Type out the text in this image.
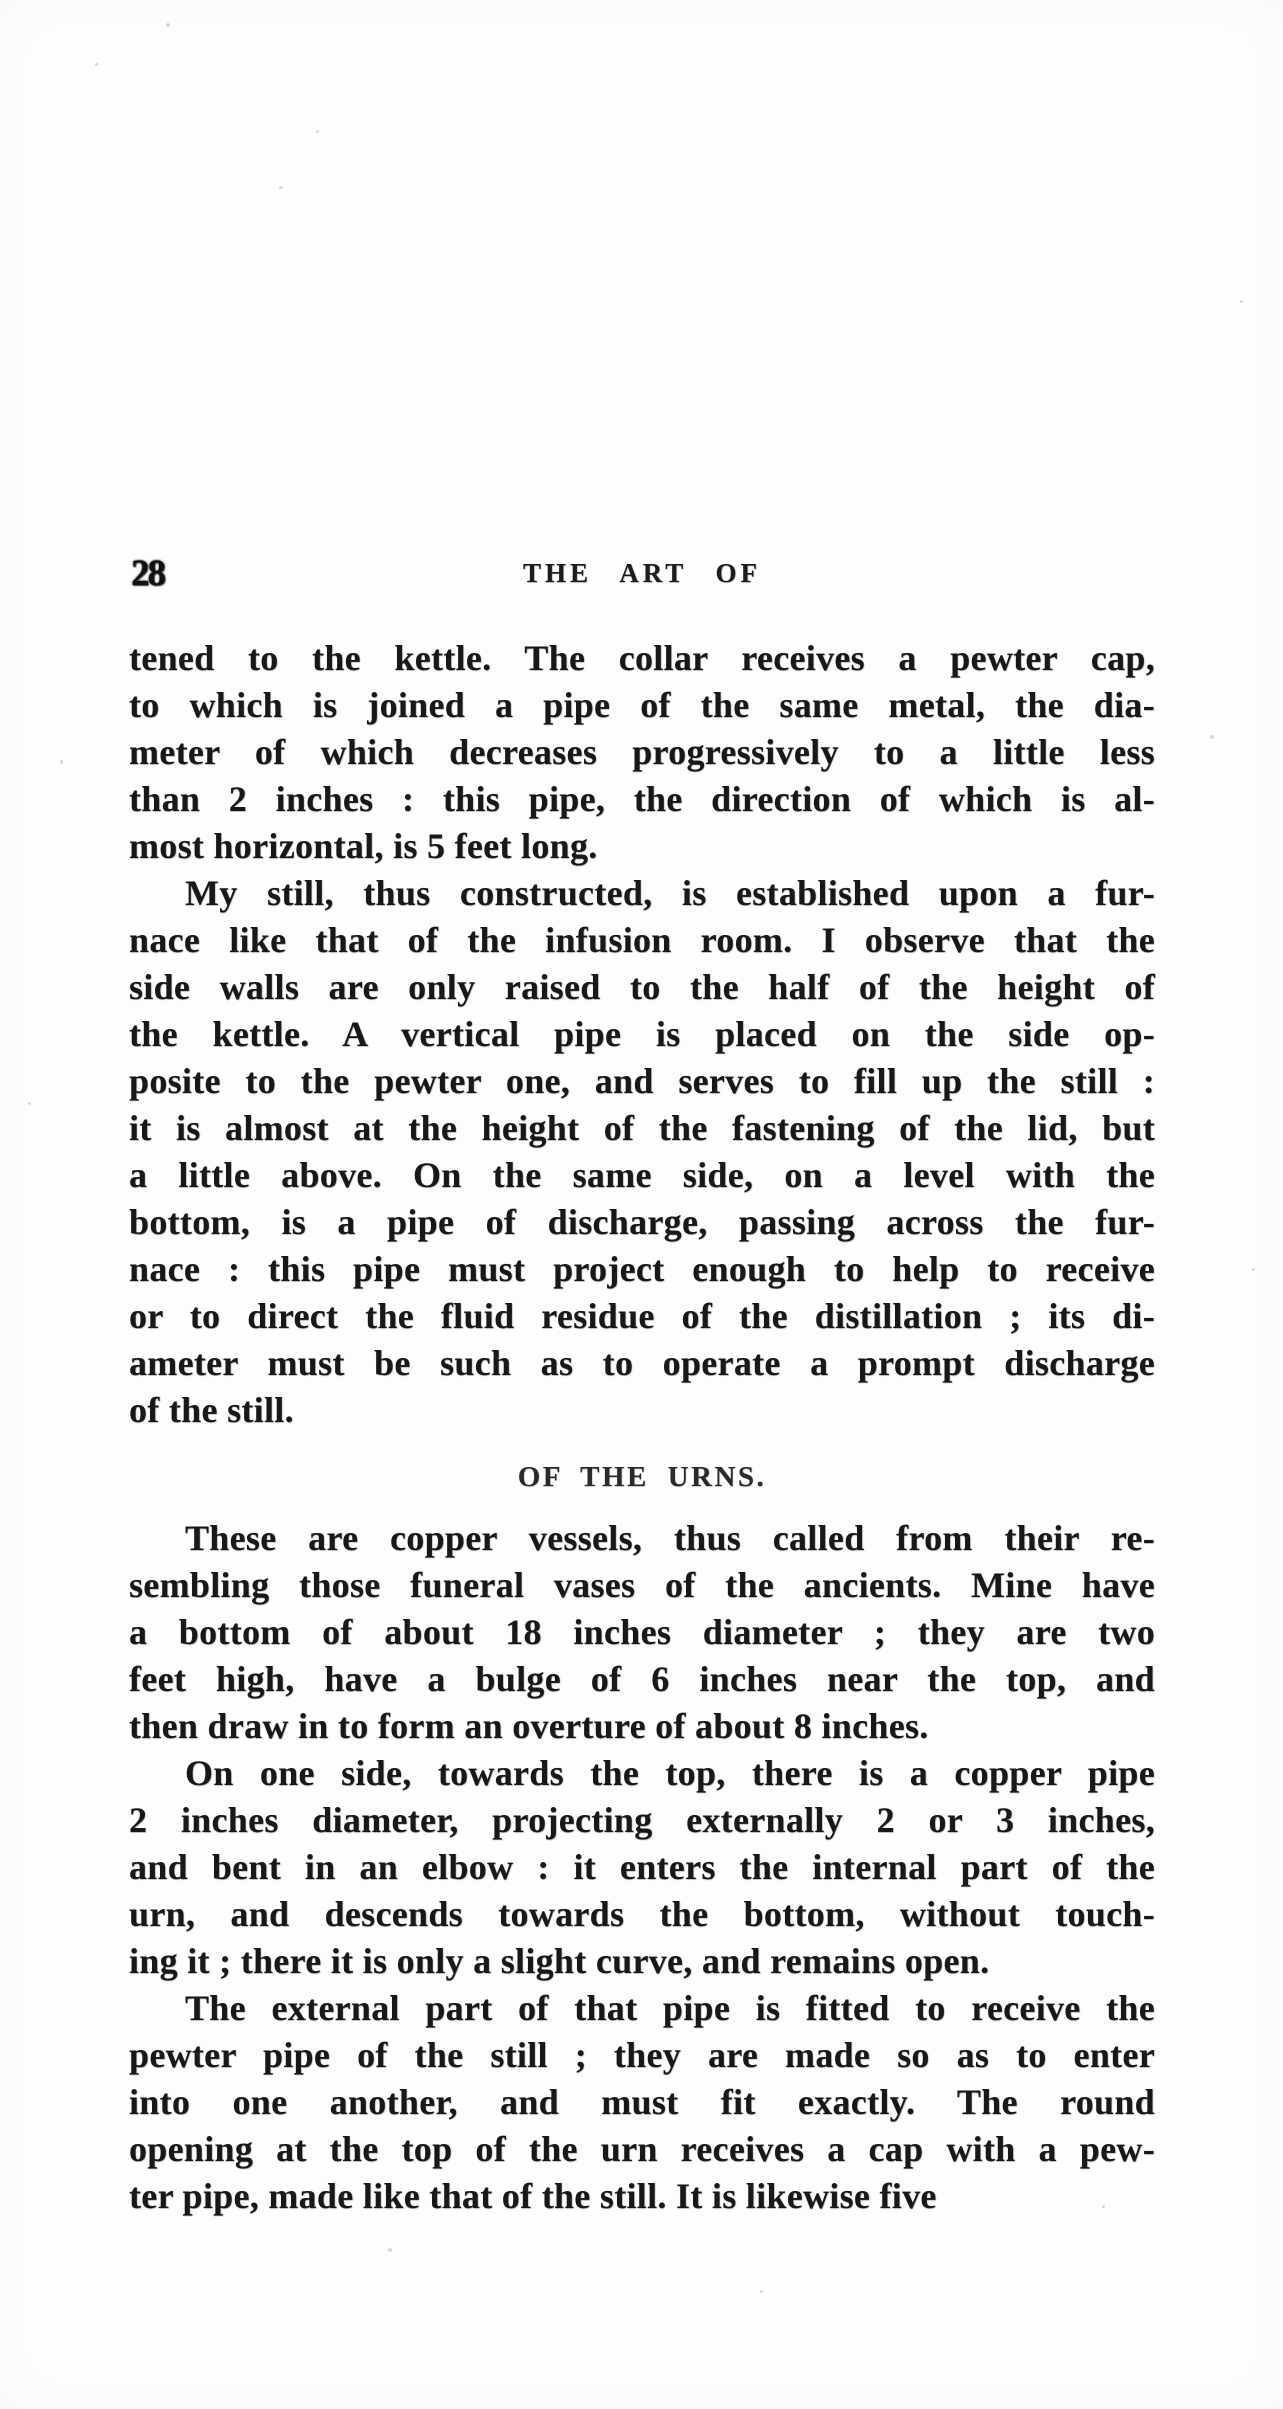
28	THE ART OF
tened to the kettle. The collar receives a pewter cap,
to which is joined a pipe of the same metal, the dia-
meter of which decreases progressively to a little less
than 2 inches : this pipe, the direction of which is al-
most horizontal, is 5 feet long.
My still, thus constructed, is established upon a fur-
nace like that of the infusion room. I observe that the
side walls are only raised to the half of the height of
the kettle. A vertical pipe is placed on the side op-
posite to the pewter one, and serves to fill up the still :
it is almost at the height of the fastening of the lid, but
a little above. On the same side, on a level with the
bottom, is a pipe of discharge, passing across the fur-
nace : this pipe must project enough to help to receive
or to direct the fluid residue of the distillation ; its di-
ameter must be such as to operate a prompt discharge
of the still.
OF THE URNS.
These are copper vessels, thus called from their re-
sembling those funeral vases of the ancients. Mine have
a bottom of about 18 inches diameter ; they are two
feet high, have a bulge of 6 inches near the top, and
then draw in to form an overture of about 8 inches.
On one side, towards the top, there is a copper pipe
2 inches diameter, projecting externally 2 or 3 inches,
and bent in an elbow : it enters the internal part of the
urn, and descends towards the bottom, without touch-
ing it ; there it is only a slight curve, and remains open.
The external part of that pipe is fitted to receive the
pewter pipe of the still ; they are made so as to enter
into one another, and must fit exactly. The round
opening at the top of the urn receives a cap with a pew-
ter pipe, made like that of the still. It is likewise five
